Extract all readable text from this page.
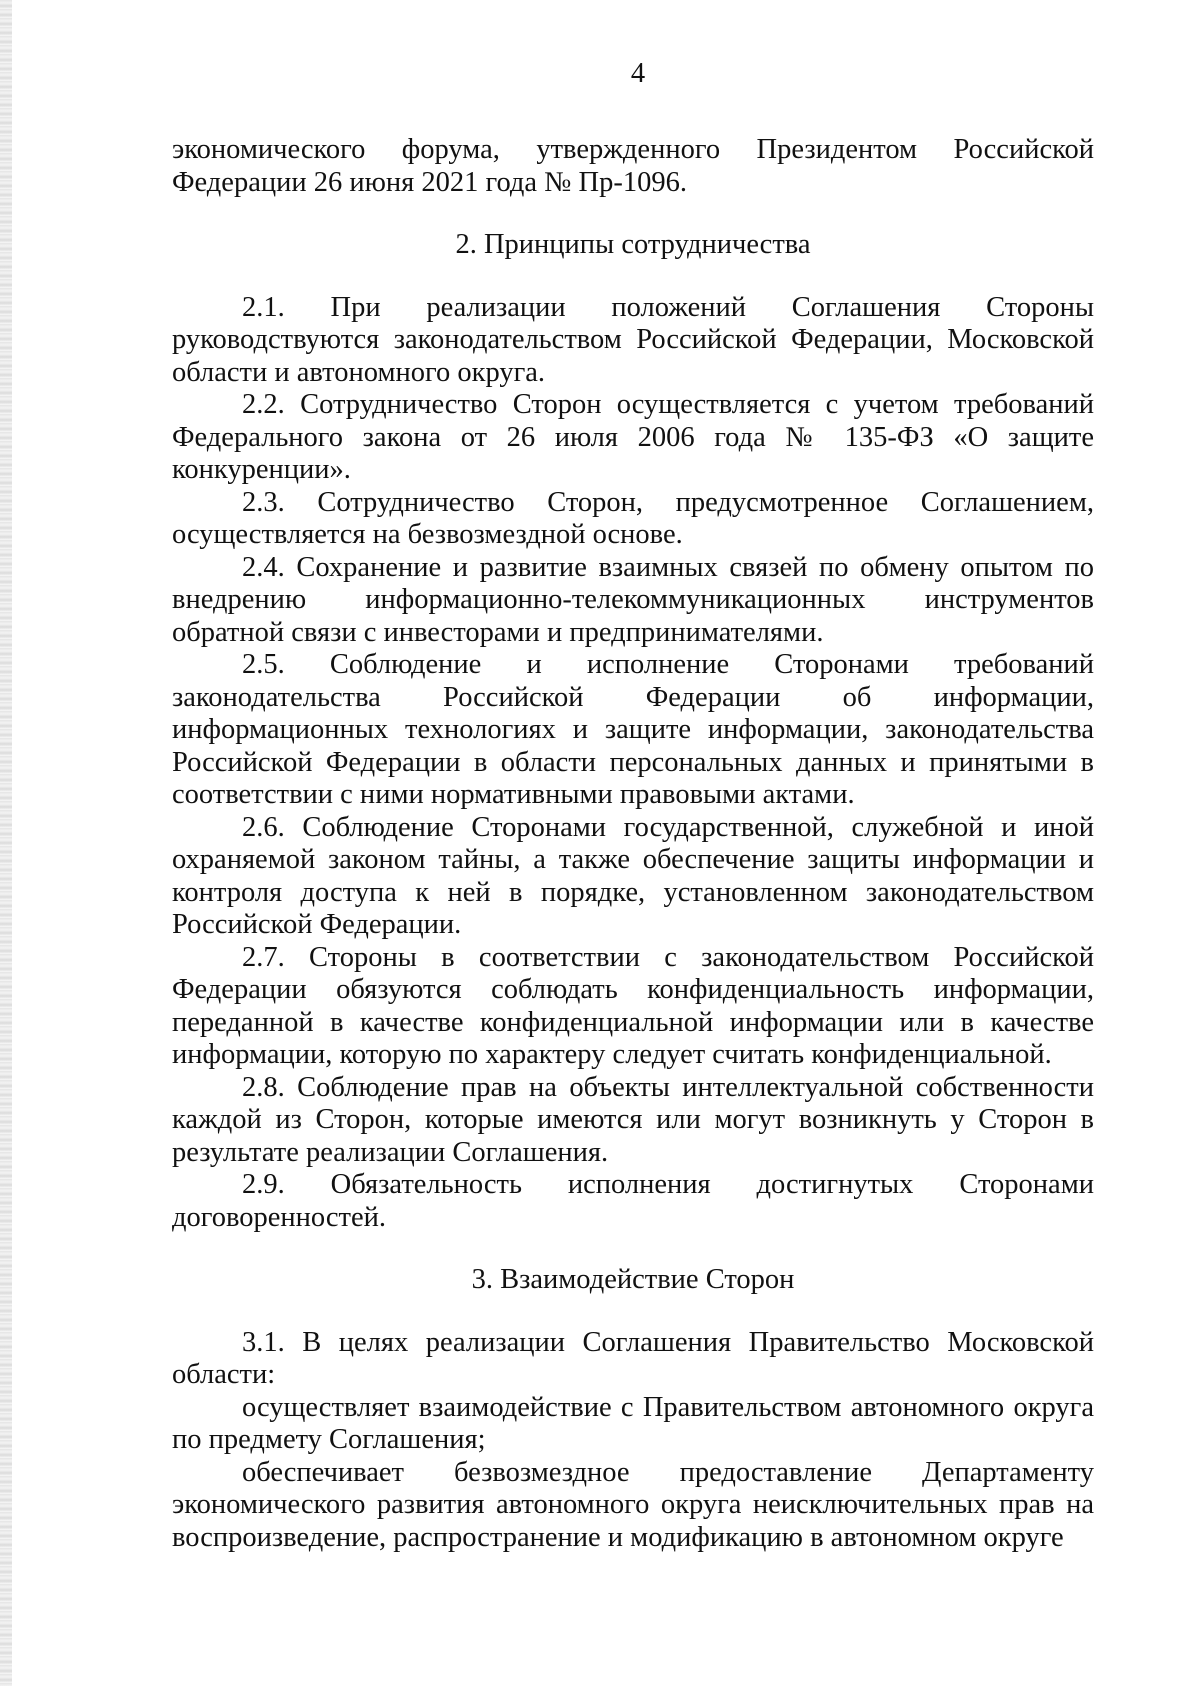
4

экономического форума, утвержденного Президентом Российской Федерации 26 июня 2021 года № Пр-1096.

2. Принципы сотрудничества

2.1. При реализации положений Соглашения Стороны руководствуются законодательством Российской Федерации, Московской области и автономного округа.

2.2. Сотрудничество Сторон осуществляется с учетом требований Федерального закона от 26 июля 2006 года № 135-ФЗ «О защите конкуренции».

2.3. Сотрудничество Сторон, предусмотренное Соглашением, осуществляется на безвозмездной основе.

2.4. Сохранение и развитие взаимных связей по обмену опытом по внедрению информационно-телекоммуникационных инструментов обратной связи с инвесторами и предпринимателями.

2.5. Соблюдение и исполнение Сторонами требований законодательства Российской Федерации об информации, информационных технологиях и защите информации, законодательства Российской Федерации в области персональных данных и принятыми в соответствии с ними нормативными правовыми актами.

2.6. Соблюдение Сторонами государственной, служебной и иной охраняемой законом тайны, а также обеспечение защиты информации и контроля доступа к ней в порядке, установленном законодательством Российской Федерации.

2.7. Стороны в соответствии с законодательством Российской Федерации обязуются соблюдать конфиденциальность информации, переданной в качестве конфиденциальной информации или в качестве информации, которую по характеру следует считать конфиденциальной.

2.8. Соблюдение прав на объекты интеллектуальной собственности каждой из Сторон, которые имеются или могут возникнуть у Сторон в результате реализации Соглашения.

2.9. Обязательность исполнения достигнутых Сторонами договоренностей.

3. Взаимодействие Сторон

3.1. В целях реализации Соглашения Правительство Московской области:

осуществляет взаимодействие с Правительством автономного округа по предмету Соглашения;

обеспечивает безвозмездное предоставление Департаменту экономического развития автономного округа неисключительных прав на воспроизведение, распространение и модификацию в автономном округе
